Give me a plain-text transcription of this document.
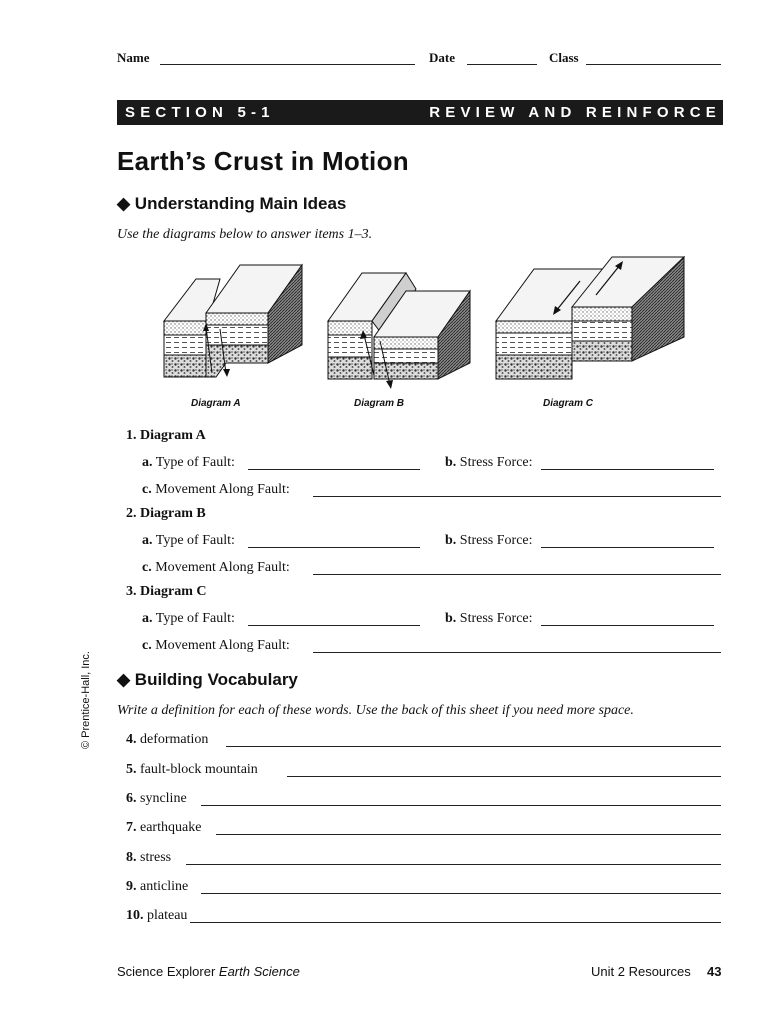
Name	Date	Class
SECTION 5-1	REVIEW AND REINFORCE
Earth’s Crust in Motion
◆ Understanding Main Ideas
Use the diagrams below to answer items 1–3.
Diagram A	Diagram B	Diagram C
1. Diagram A
a. Type of Fault:	b. Stress Force:
c. Movement Along Fault:
2. Diagram B
a. Type of Fault:	b. Stress Force:
c. Movement Along Fault:
3. Diagram C
a. Type of Fault:	b. Stress Force:
c. Movement Along Fault:
◆ Building Vocabulary
Write a definition for each of these words. Use the back of this sheet if you need more space.
4. deformation
5. fault-block mountain
6. syncline
7. earthquake
8. stress
9. anticline
10. plateau
© Prentice-Hall, Inc.
Science Explorer Earth Science	Unit 2 Resources 43
